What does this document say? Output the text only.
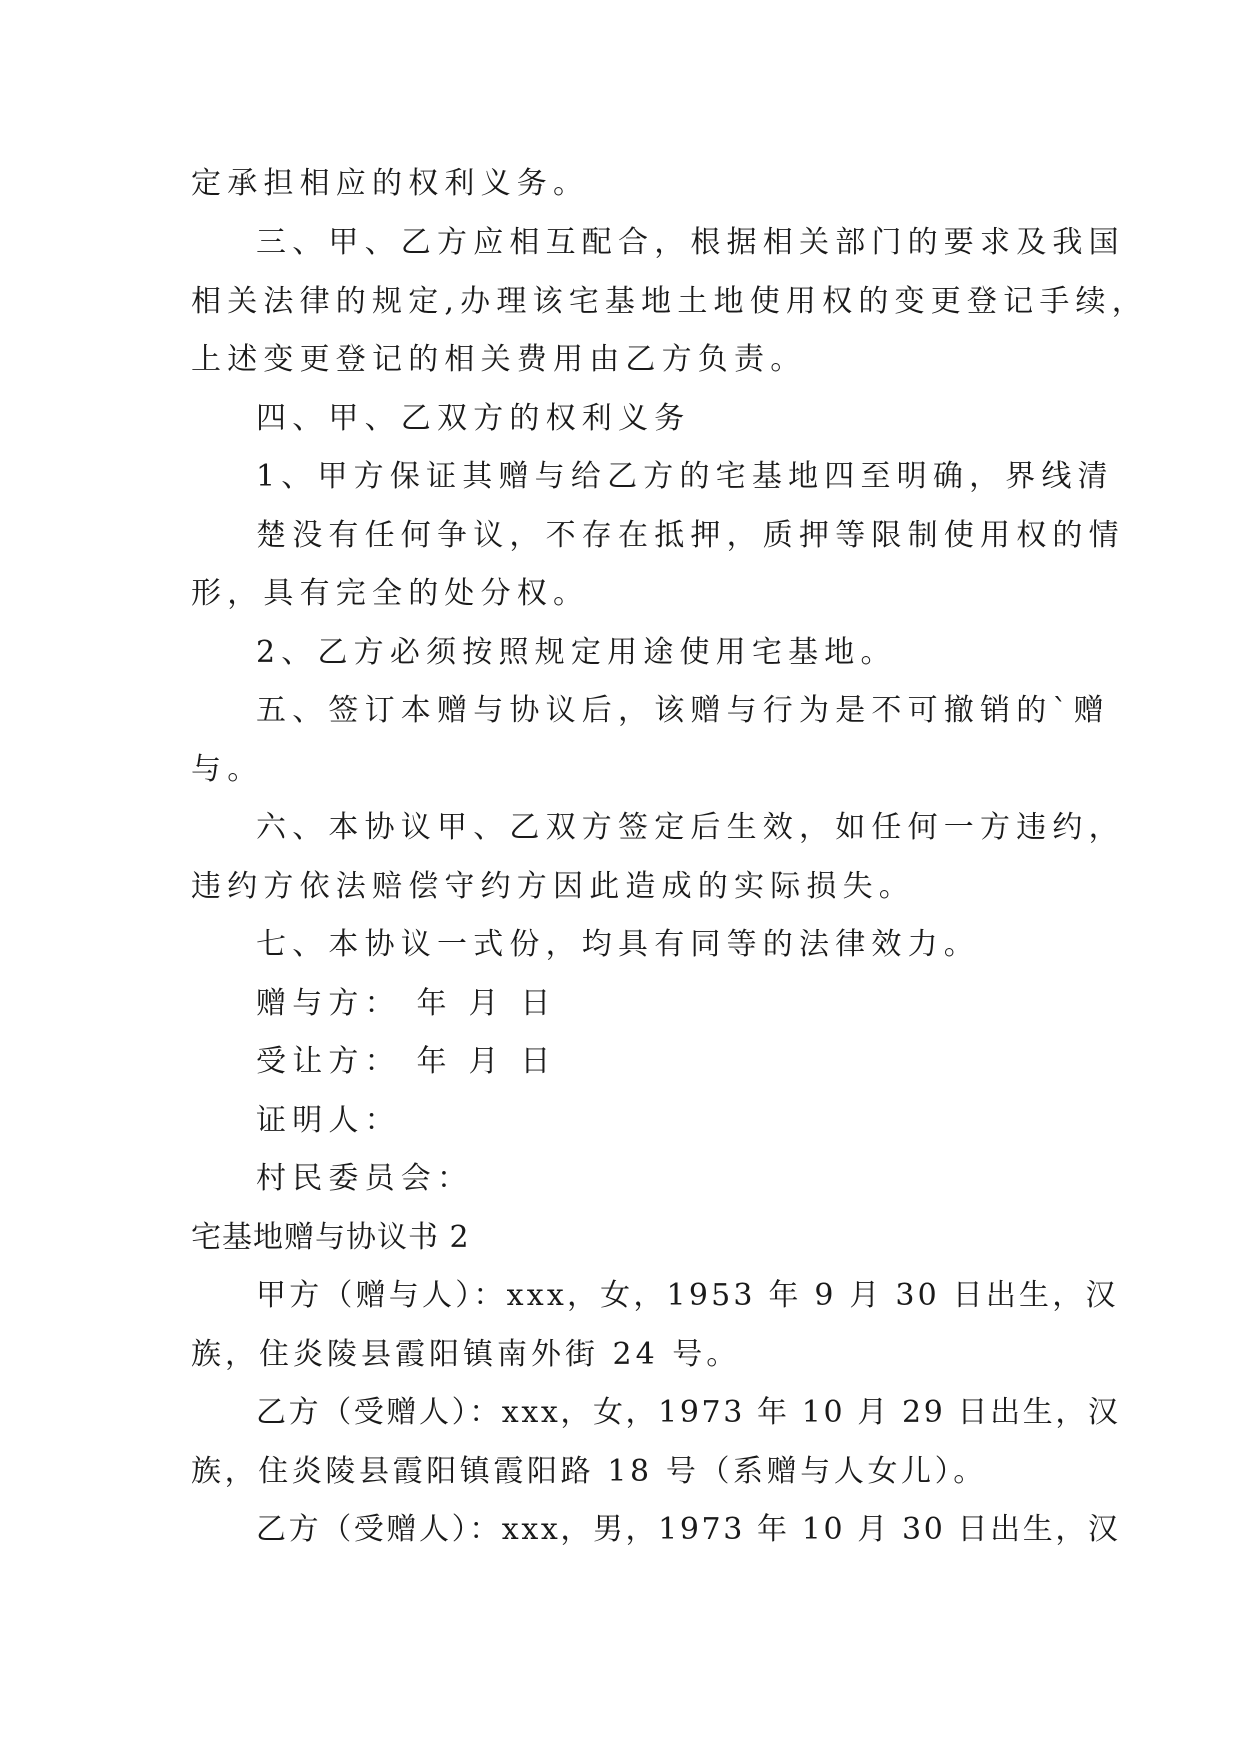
定承担相应的权利义务。
三、甲、乙方应相互配合，根据相关部门的要求及我国
相关法律的规定,办理该宅基地土地使用权的变更登记手续，
上述变更登记的相关费用由乙方负责。
四、甲、乙双方的权利义务
1、甲方保证其赠与给乙方的宅基地四至明确，界线清
楚没有任何争议，不存在抵押，质押等限制使用权的情
形，具有完全的处分权。
2、乙方必须按照规定用途使用宅基地。
五、签订本赠与协议后，该赠与行为是不可撤销的`赠
与。
六、本协议甲、乙双方签定后生效，如任何一方违约，
违约方依法赔偿守约方因此造成的实际损失。
七、本协议一式份，均具有同等的法律效力。
赠与方： 年 月 日
受让方： 年 月 日
证明人：
村民委员会：
宅基地赠与协议书 2
甲方（赠与人）：xxx，女，1953 年 9 月 30 日出生，汉
族，住炎陵县霞阳镇南外街 24 号。
乙方（受赠人）：xxx，女，1973 年 10 月 29 日出生，汉
族，住炎陵县霞阳镇霞阳路 18 号（系赠与人女儿）。
乙方（受赠人）：xxx，男，1973 年 10 月 30 日出生，汉
